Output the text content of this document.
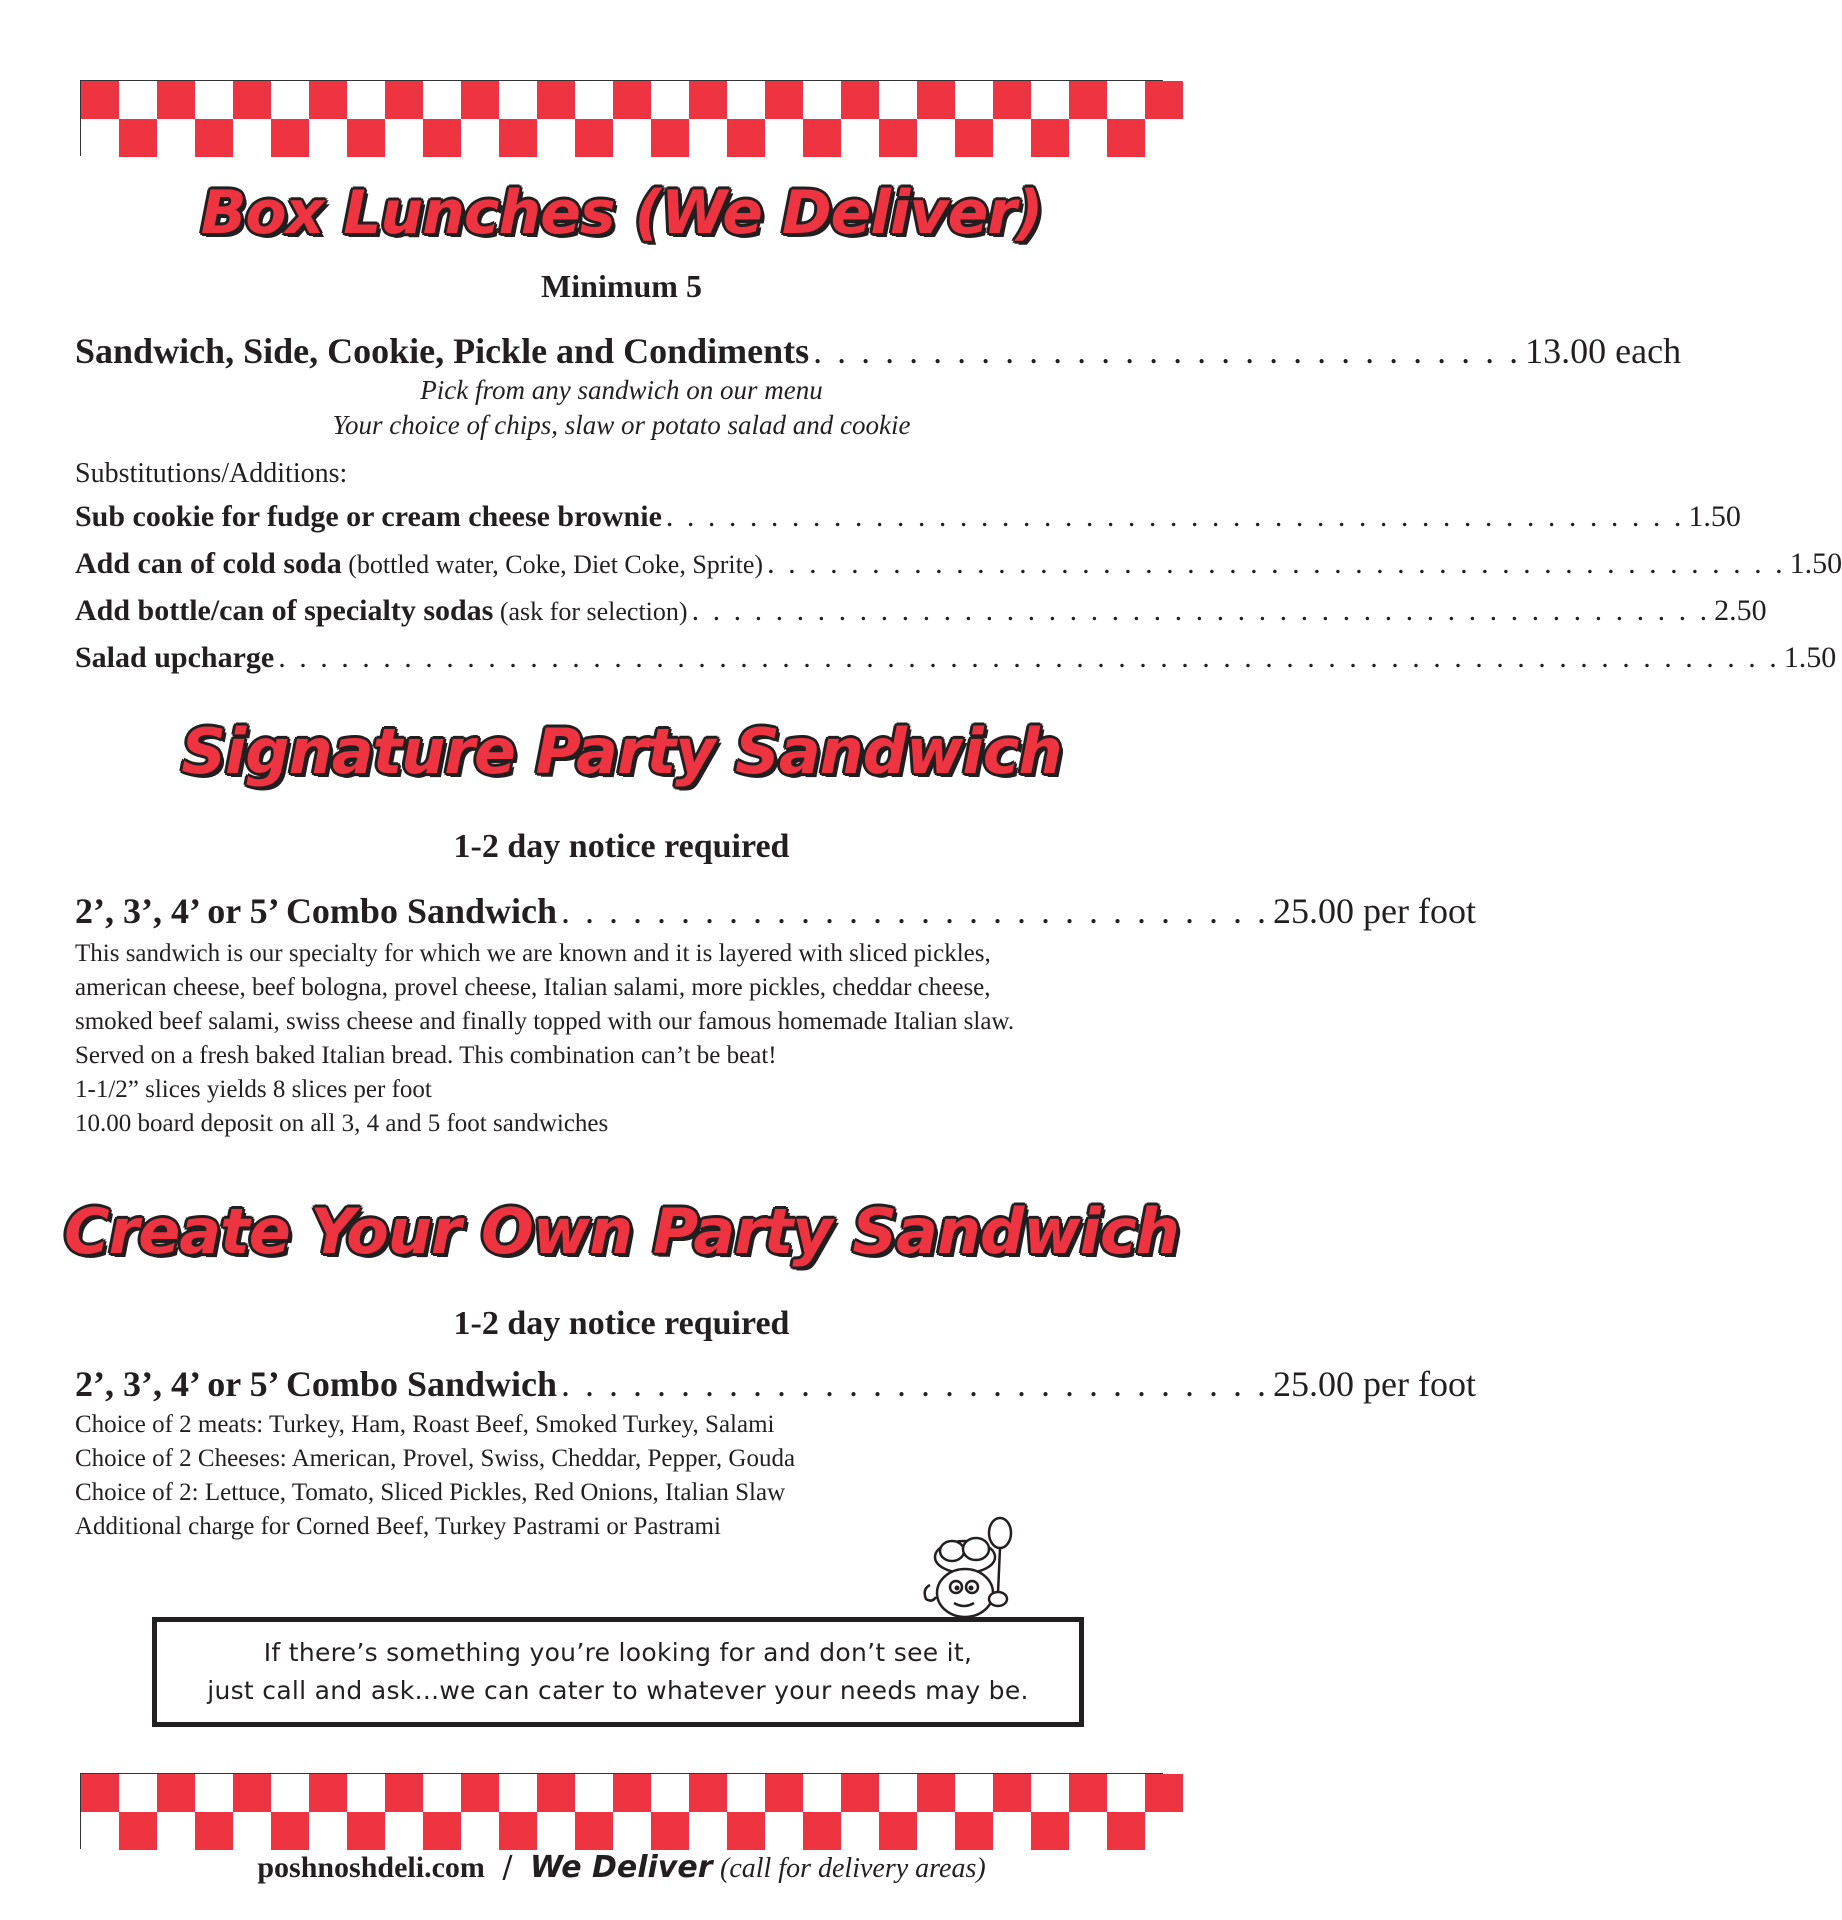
Box Lunches (We Deliver)
Minimum 5
Sandwich, Side, Cookie, Pickle and Condiments . . . . . . . . . . . . . . . . . . . . . . . . . . . . . . 13.00 each
Pick from any sandwich on our menu
Your choice of chips, slaw or potato salad and cookie
Substitutions/Additions:
Sub cookie for fudge or cream cheese brownie . . . . . . . . . . . . . . . . . . . . . . . . . . . . . . . . . . . . . . . . . . . . . . . . . 1.50
Add can of cold soda (bottled water, Coke, Diet Coke, Sprite) . . . . . . . . . . . . . . . . . . . . . . . . . . . . . . . . . . . . . . . . . . . . . . . . . 1.50
Add bottle/can of specialty sodas (ask for selection) . . . . . . . . . . . . . . . . . . . . . . . . . . . . . . . . . . . . . . . . . . . . . . . . . 2.50
Salad upcharge . . . . . . . . . . . . . . . . . . . . . . . . . . . . . . . . . . . . . . . . . . . . . . . . . . . . . . . . . . . . . . . . . . . . . . . . 1.50
Signature Party Sandwich
1-2 day notice required
2’, 3’, 4’ or 5’ Combo Sandwich . . . . . . . . . . . . . . . . . . . . . . . . . . . . . . 25.00 per foot
This sandwich is our specialty for which we are known and it is layered with sliced pickles,
american cheese, beef bologna, provel cheese, Italian salami, more pickles, cheddar cheese,
smoked beef salami, swiss cheese and finally topped with our famous homemade Italian slaw.
Served on a fresh baked Italian bread. This combination can’t be beat!
1-1/2” slices yields 8 slices per foot
10.00 board deposit on all 3, 4 and 5 foot sandwiches
Create Your Own Party Sandwich
1-2 day notice required
2’, 3’, 4’ or 5’ Combo Sandwich . . . . . . . . . . . . . . . . . . . . . . . . . . . . . . 25.00 per foot
Choice of 2 meats: Turkey, Ham, Roast Beef, Smoked Turkey, Salami
Choice of 2 Cheeses: American, Provel, Swiss, Cheddar, Pepper, Gouda
Choice of 2: Lettuce, Tomato, Sliced Pickles, Red Onions, Italian Slaw
Additional charge for Corned Beef, Turkey Pastrami or Pastrami
If there’s something you’re looking for and don’t see it,
just call and ask...we can cater to whatever your needs may be.
poshnoshdeli.com / We Deliver (call for delivery areas)
